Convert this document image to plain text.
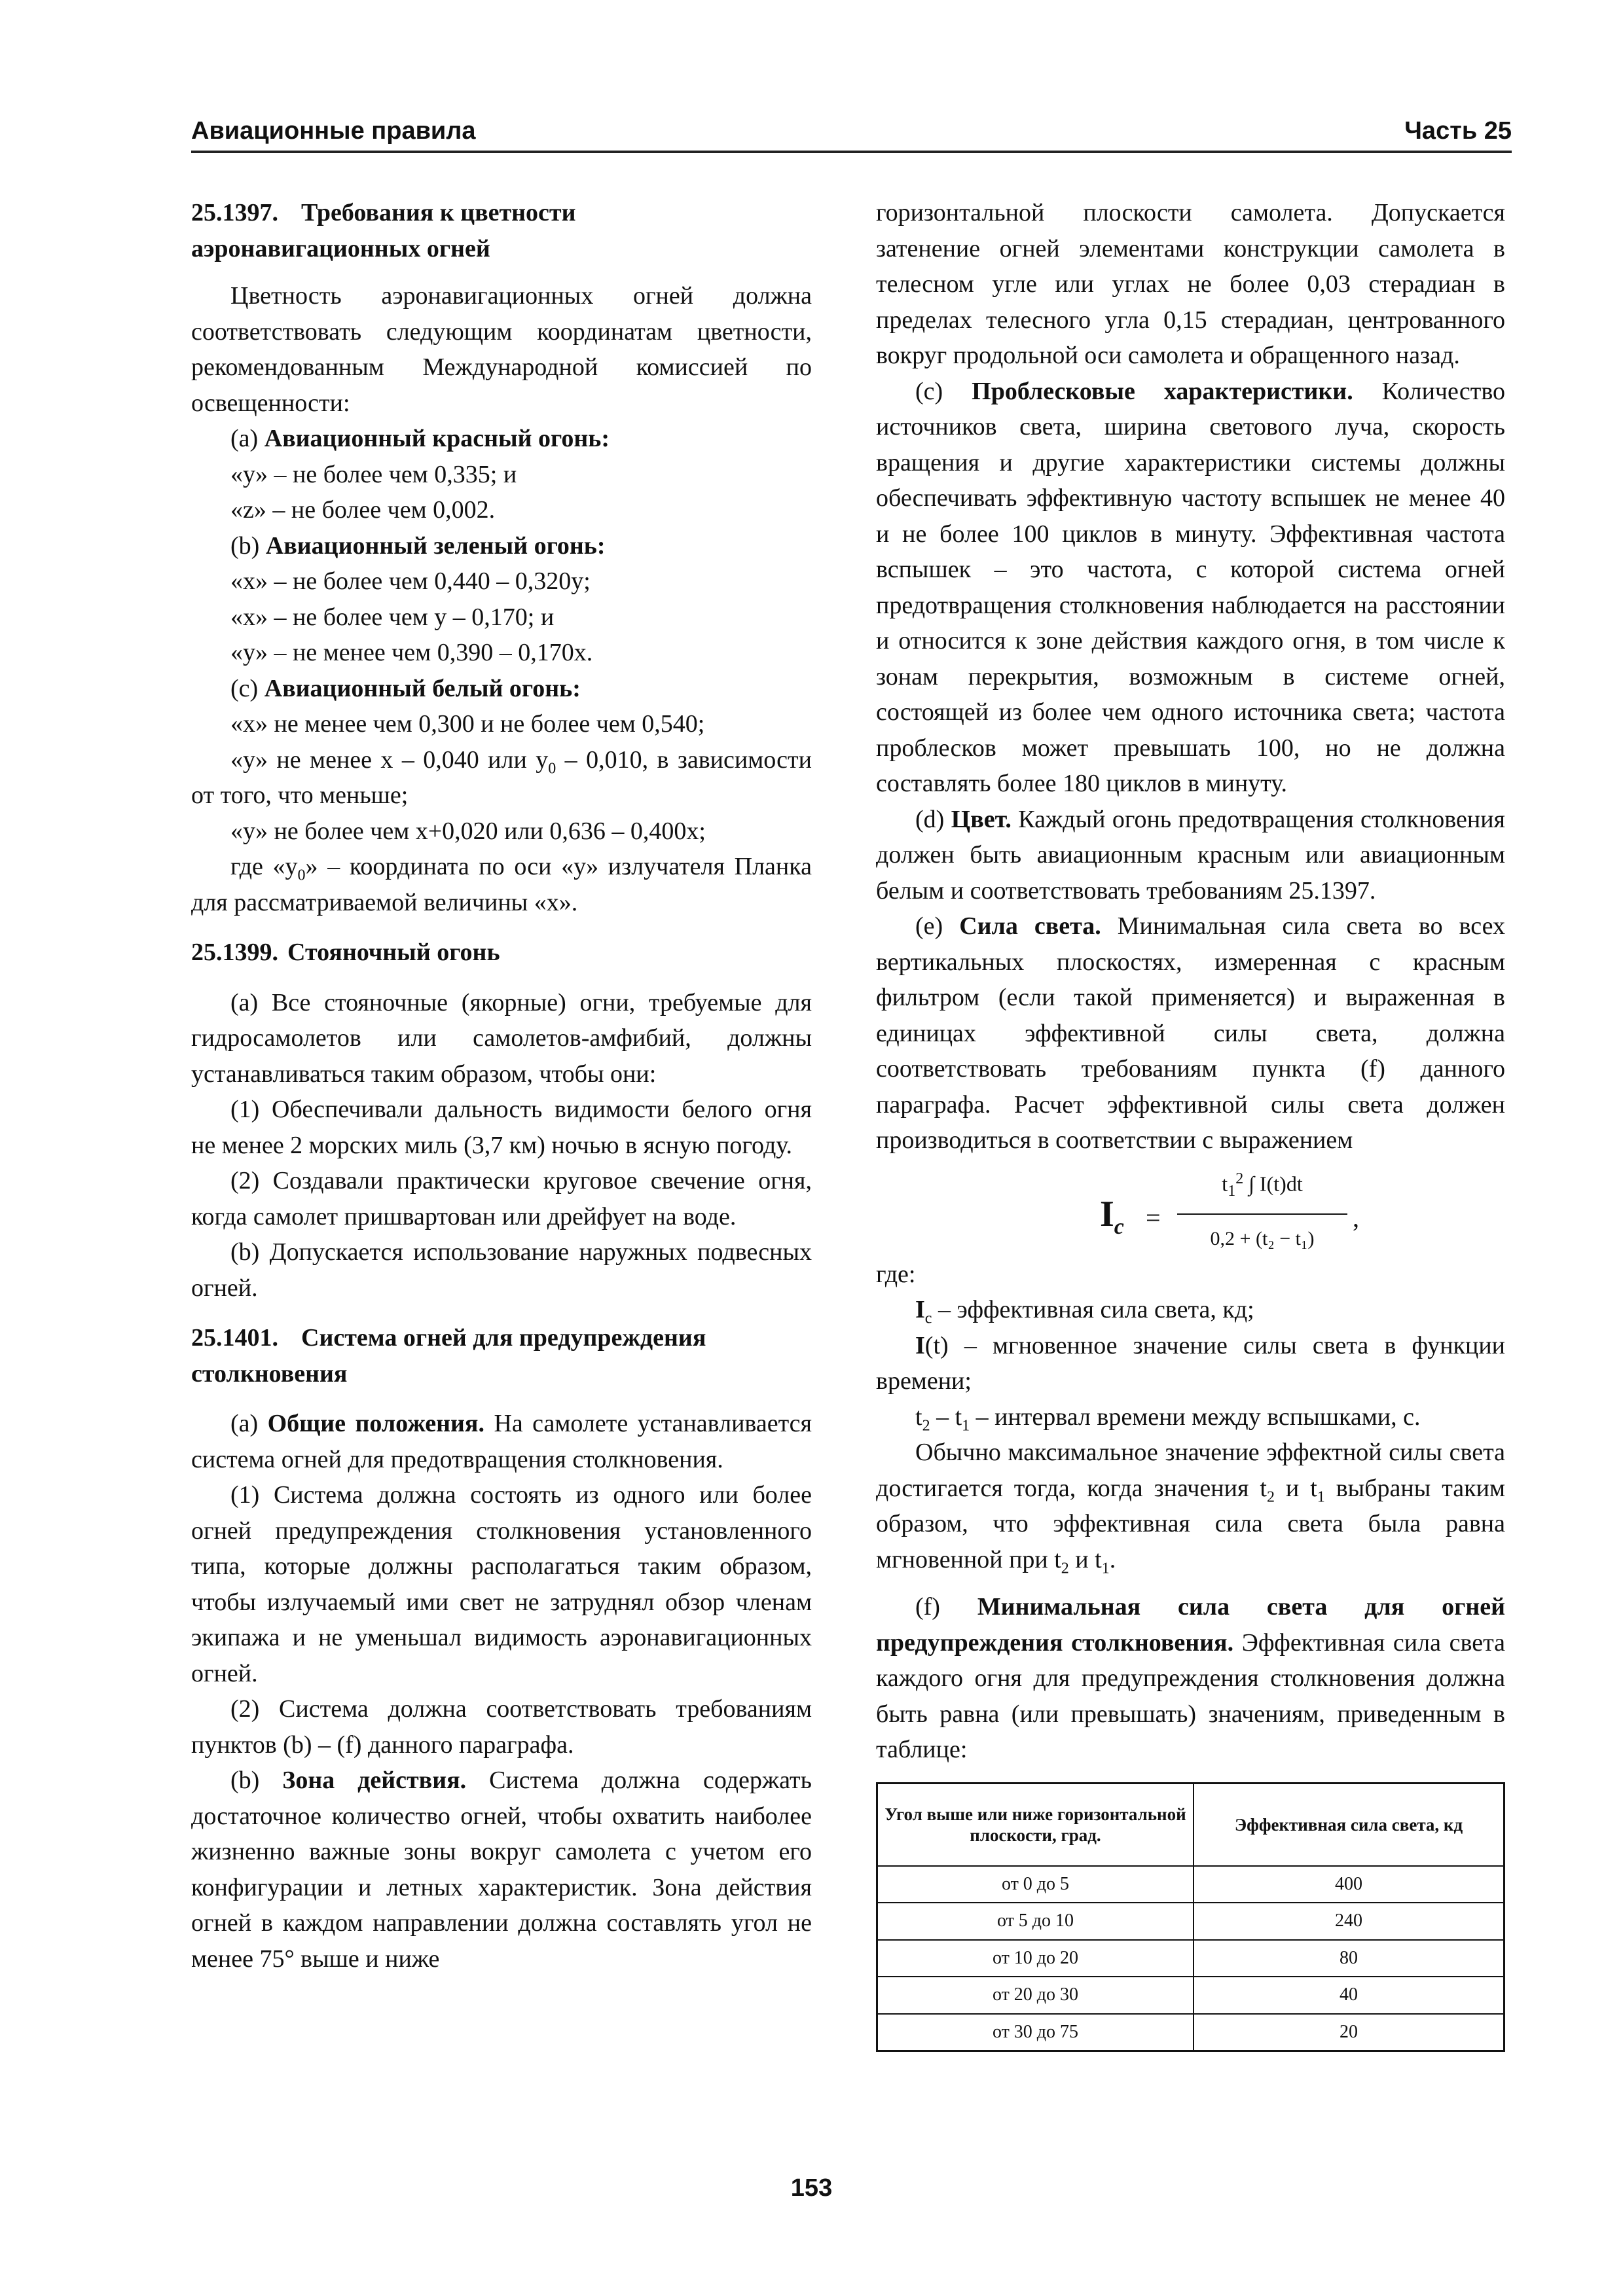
Авиационные правила	Часть 25

25.1397. Требования к цветности

аэронавигационных огней

Цветность аэронавигационных огней должна соответствовать следующим координатам цветности, рекомендованным Международной комиссией по освещенности:

(a) Авиационный красный огонь:

«y» – не более чем 0,335; и

«z» – не более чем 0,002.

(b) Авиационный зеленый огонь:

«x» – не более чем 0,440 – 0,320y;

«x» – не более чем y – 0,170; и

«y» – не менее чем 0,390 – 0,170x.

(c) Авиационный белый огонь:

«x» не менее чем 0,300 и не более чем 0,540;

«y» не менее x – 0,040 или $y_0 - 0,010$, в зависимости от того, что меньше;

«y» не более чем x+0,020 или 0,636 – 0,400x;

где «$y_0$» – координата по оси «y» излучателя Планка для рассматриваемой величины «x».

25.1399. Стояночный огонь

(a) Все стояночные (якорные) огни, требуемые для гидросамолетов или самолетов-амфибий, должны устанавливаться таким образом, чтобы они:

(1) Обеспечивали дальность видимости белого огня не менее 2 морских миль (3,7 км) ночью в ясную погоду.

(2) Создавали практически круговое свечение огня, когда самолет пришвартован или дрейфует на воде.

(b) Допускается использование наружных подвесных огней.

25.1401. Система огней для предупреждения

столкновения

(a) Общие положения. На самолете устанавливается система огней для предотвращения столкновения.

(1) Система должна состоять из одного или более огней предупреждения столкновения установленного типа, которые должны располагаться таким образом, чтобы излучаемый ими свет не затруднял обзор членам экипажа и не уменьшал видимость аэронавигационных огней.

(2) Система должна соответствовать требованиям пунктов (b) – (f) данного параграфа.

(b) Зона действия. Система должна содержать достаточное количество огней, чтобы охватить наиболее жизненно важные зоны вокруг самолета с учетом его конфигурации и летных характеристик. Зона действия огней в каждом направлении должна составлять угол не менее 75° выше и ниже

горизонтальной плоскости самолета. Допускается затенение огней элементами конструкции самолета в телесном угле или углах не более 0,03 стерадиан в пределах телесного угла 0,15 стерадиан, центрованного вокруг продольной оси самолета и обращенного назад.

(c) Проблесковые характеристики. Количество источников света, ширина светового луча, скорость вращения и другие характеристики системы должны обеспечивать эффективную частоту вспышек не менее 40 и не более 100 циклов в минуту. Эффективная частота вспышек – это частота, с которой система огней предотвращения столкновения наблюдается на расстоянии и относится к зоне действия каждого огня, в том числе к зонам перекрытия, возможным в системе огней, состоящей из более чем одного источника света; частота проблесков может превышать 100, но не должна составлять более 180 циклов в минуту.

(d) Цвет. Каждый огонь предотвращения столкновения должен быть авиационным красным или авиационным белым и соответствовать требованиям 25.1397.

(e) Сила света. Минимальная сила света во всех вертикальных плоскостях, измеренная с красным фильтром (если такой применяется) и выраженная в единицах эффективной силы света, должна соответствовать требованиям пункта (f) данного параграфа. Расчет эффективной силы света должен производиться в соответствии с выражением

$I_c$ =
$t_1^2$ ∫ I(t)dt
0,2 + (t₂ − t₁)
,

где:

$I_c$ – эффективная сила света, кд;

I(t) – мгновенное значение силы света в функции времени;

$t_2 - t_1$ – интервал времени между вспышками, с.

Обычно максимальное значение эффектной силы света достигается тогда, когда значения $t_2$ и $t_1$ выбраны таким образом, что эффективная сила света была равна мгновенной при $t_2$ и $t_1$.

(f) Минимальная сила света для огней предупреждения столкновения. Эффективная сила света каждого огня для предупреждения столкновения должна быть равна (или превышать) значениям, приведенным в таблице:

Угол выше или ниже горизонтальной плоскости, град.	Эффективная сила света, кд
от 0 до 5	400
от 5 до 10	240
от 10 до 20	80
от 20 до 30	40
от 30 до 75	20
153
